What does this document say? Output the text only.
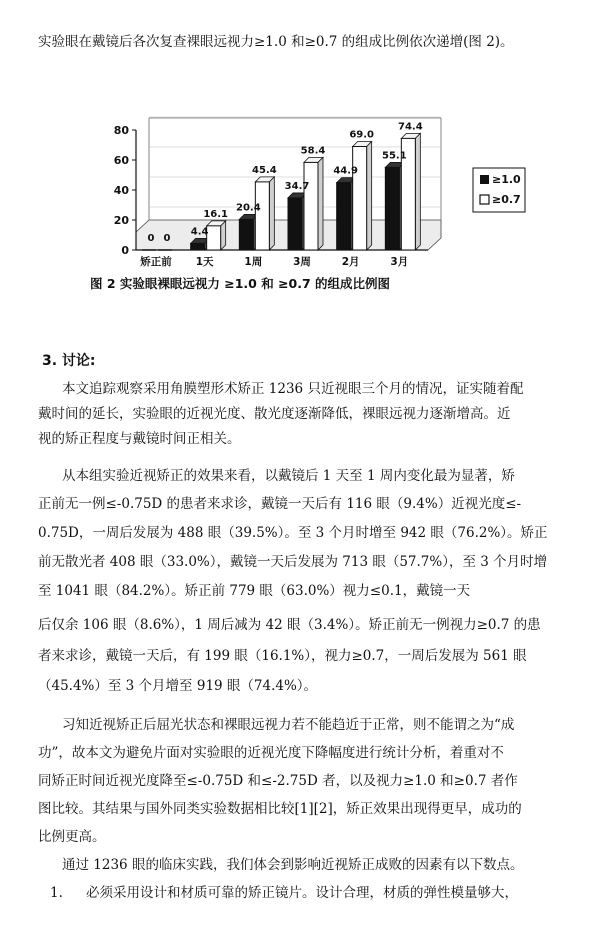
实验眼在戴镜后各次复查裸眼远视力≥1.0 和≥0.7 的组成比例依次递增(图 2)。
0
20
40
60
80
0 0
4.4
16.1
20.4
45.4
34.7
58.4
44.9
69.0
55.1
74.4
矫正前 1天	1周	3周	2月	3月
≥1.0
≥0.7
图 2 实验眼裸眼远视力 ≥1.0 和 ≥0.7 的组成比例图
3. 讨论:
本文追踪观察采用角膜塑形术矫正 1236 只近视眼三个月的情况，证实随着配
戴时间的延长，实验眼的近视光度、散光度逐渐降低，裸眼远视力逐渐增高。近
视的矫正程度与戴镜时间正相关。
从本组实验近视矫正的效果来看，以戴镜后 1 天至 1 周内变化最为显著，矫
正前无一例≤-0.75D 的患者来求诊，戴镜一天后有 116 眼（9.4%）近视光度≤-
0.75D，一周后发展为 488 眼（39.5%）。至 3 个月时增至 942 眼（76.2%）。矫正
前无散光者 408 眼（33.0%），戴镜一天后发展为 713 眼（57.7%），至 3 个月时增
至 1041 眼（84.2%）。矫正前 779 眼（63.0%）视力≤0.1，戴镜一天
后仅余 106 眼（8.6%），1 周后减为 42 眼（3.4%）。矫正前无一例视力≥0.7 的患
者来求诊，戴镜一天后，有 199 眼（16.1%），视力≥0.7，一周后发展为 561 眼
（45.4%）至 3 个月增至 919 眼（74.4%）。
习知近视矫正后屈光状态和裸眼远视力若不能趋近于正常，则不能谓之为“成
功”，故本文为避免片面对实验眼的近视光度下降幅度进行统计分析，着重对不
同矫正时间近视光度降至≤-0.75D 和≤-2.75D 者，以及视力≥1.0 和≥0.7 者作
图比较。其结果与国外同类实验数据相比较[1][2]，矫正效果出现得更早，成功的
比例更高。
通过 1236 眼的临床实践，我们体会到影响近视矫正成败的因素有以下数点。
1. 必须采用设计和材质可靠的矫正镜片。设计合理，材质的弹性模量够大，
